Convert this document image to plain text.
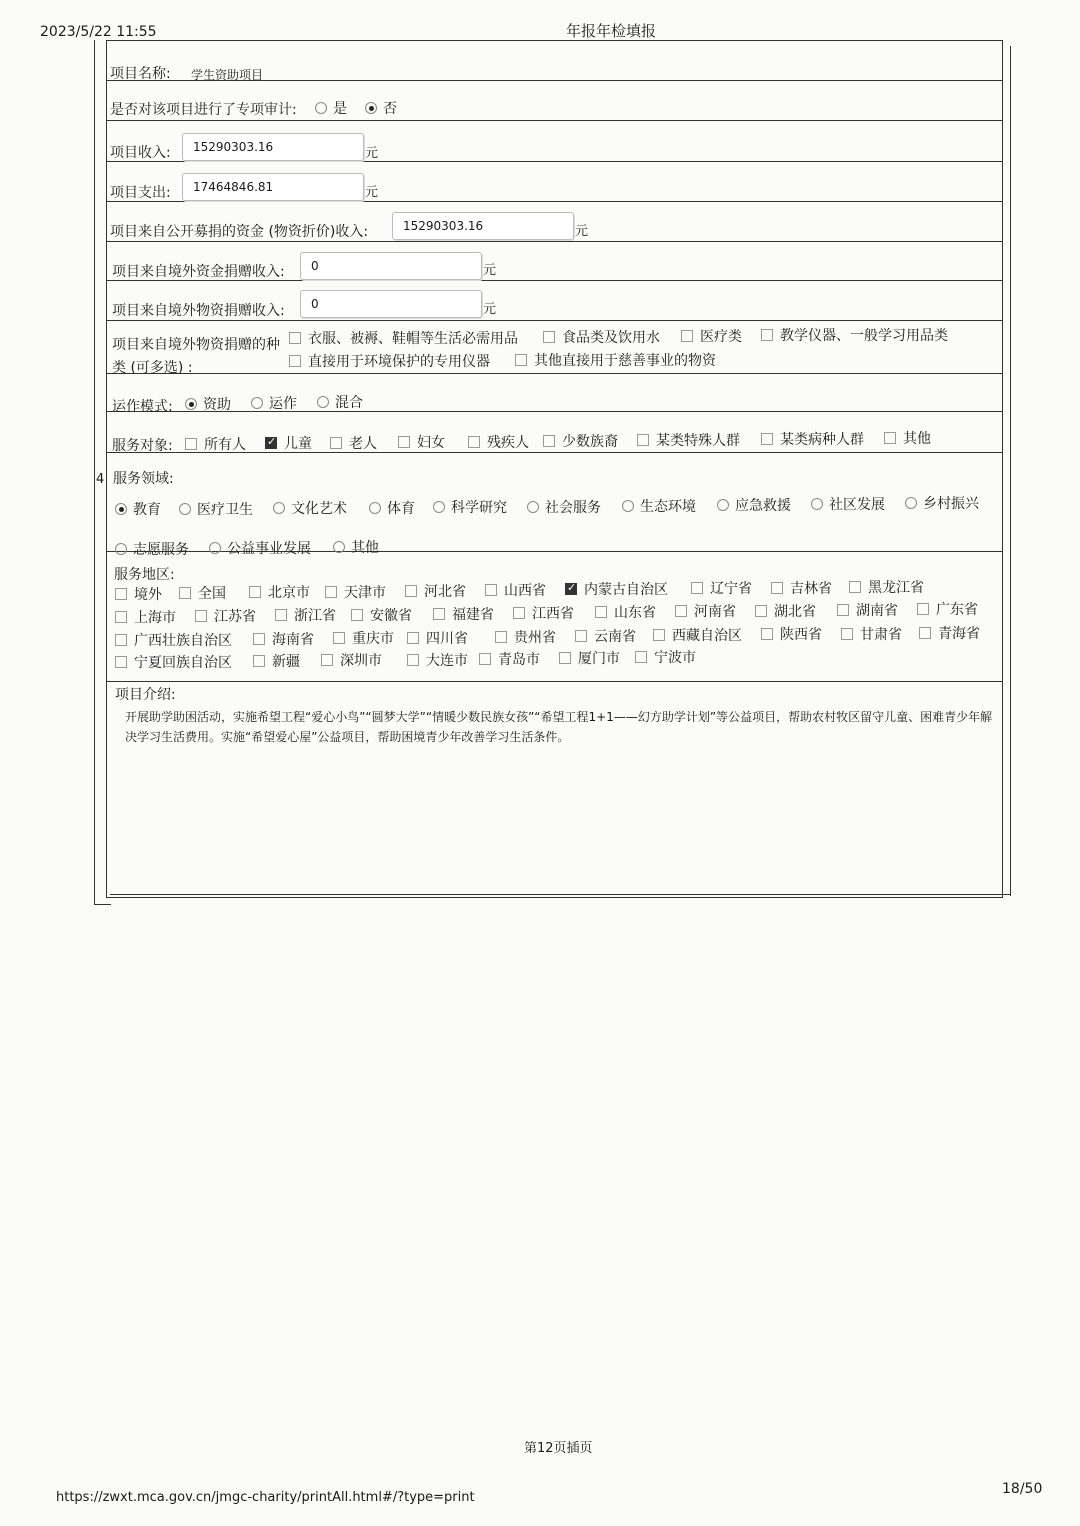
2023/5/22 11:55	年报年检填报
4
项目名称: 学生资助项目
是否对该项目进行了专项审计:	是	否
项目收入:	15290303.16	元
项目支出:	17464846.81	元
项目来自公开募捐的资金 (物资折价)收入:	15290303.16	元
项目来自境外资金捐赠收入:	0	元
项目来自境外物资捐赠收入:	0	元
项目来自境外物资捐赠的种
类 (可多选) :
衣服、被褥、鞋帽等生活必需用品	食品类及饮用水	医疗类	教学仪器、一般学习用品类
直接用于环境保护的专用仪器	其他直接用于慈善事业的物资
运作模式:	资助	运作	混合
服务对象:	所有人 ✓	儿童	老人	妇女	残疾人	少数族裔	某类特殊人群	某类病种人群	其他
服务领域:
教育	医疗卫生	文化艺术	体育	科学研究	社会服务	生态环境	应急救援	社区发展	乡村振兴
志愿服务	公益事业发展	其他
服务地区:
境外	全国	北京市	天津市	河北省	山西省 ✓	内蒙古自治区	辽宁省	吉林省	黑龙江省
上海市	江苏省	浙江省	安徽省	福建省	江西省	山东省	河南省	湖北省	湖南省	广东省
广西壮族自治区	海南省	重庆市	四川省	贵州省	云南省	西藏自治区	陕西省	甘肃省	青海省
宁夏回族自治区	新疆	深圳市	大连市	青岛市	厦门市	宁波市
项目介绍:
开展助学助困活动，实施希望工程“爱心小鸟”“圆梦大学”“情暖少数民族女孩”“希望工程1+1——幻方助学计划”等公益项目，帮助农村牧区留守儿童、困难青少年解决学习生活费用。实施“希望爱心屋”公益项目，帮助困境青少年改善学习生活条件。
第12页插页
https://zwxt.mca.gov.cn/jmgc-charity/printAll.html#/?type=print
18/50
